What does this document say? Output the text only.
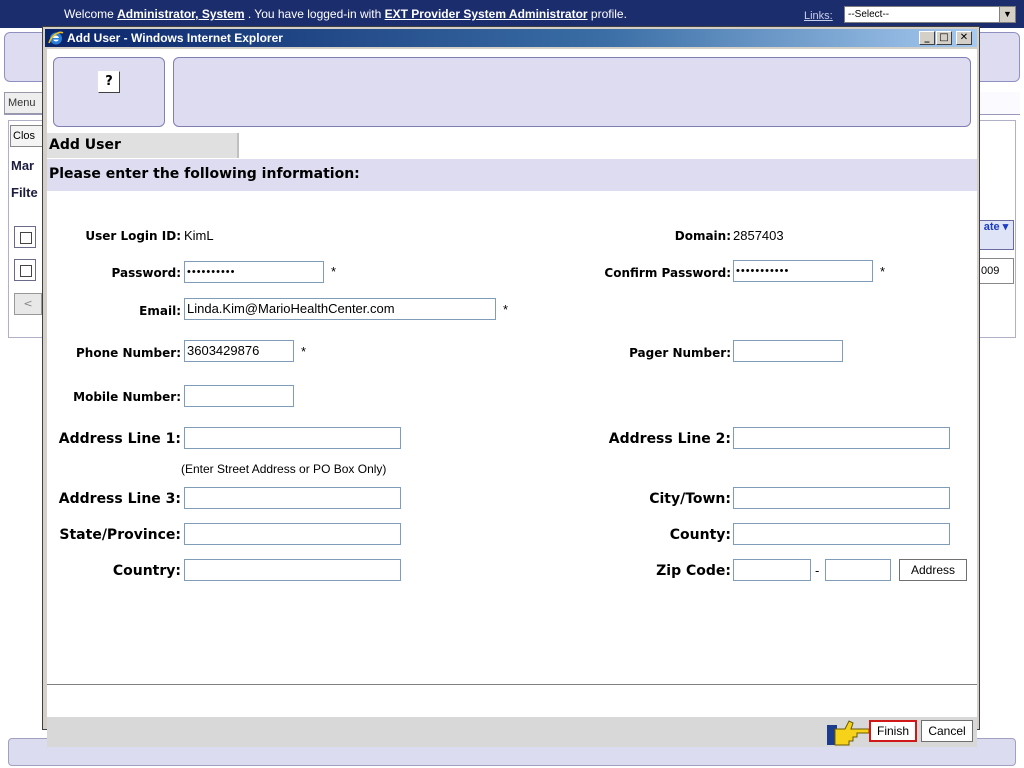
Welcome Administrator, System . You have logged-in with EXT Provider System Administrator profile.	Links:	--Select--	▼
Menu
Clos
Mar
Filte
<
ate ▾
009
Add User - Windows Internet Explorer	_ □	✕
?
Add User
Please enter the following information:
User Login ID: KimL	Domain: 2857403
Password: ••••••••••	*	Confirm Password: •••••••••••	*
Email: Linda.Kim@MarioHealthCenter.com	*
Phone Number: 3603429876	*	Pager Number:
Mobile Number:
Address Line 1:	Address Line 2:
(Enter Street Address or PO Box Only)
Address Line 3:	City/Town:
State/Province:	County:
Country:	Zip Code:	-	Address
Finish	Cancel
